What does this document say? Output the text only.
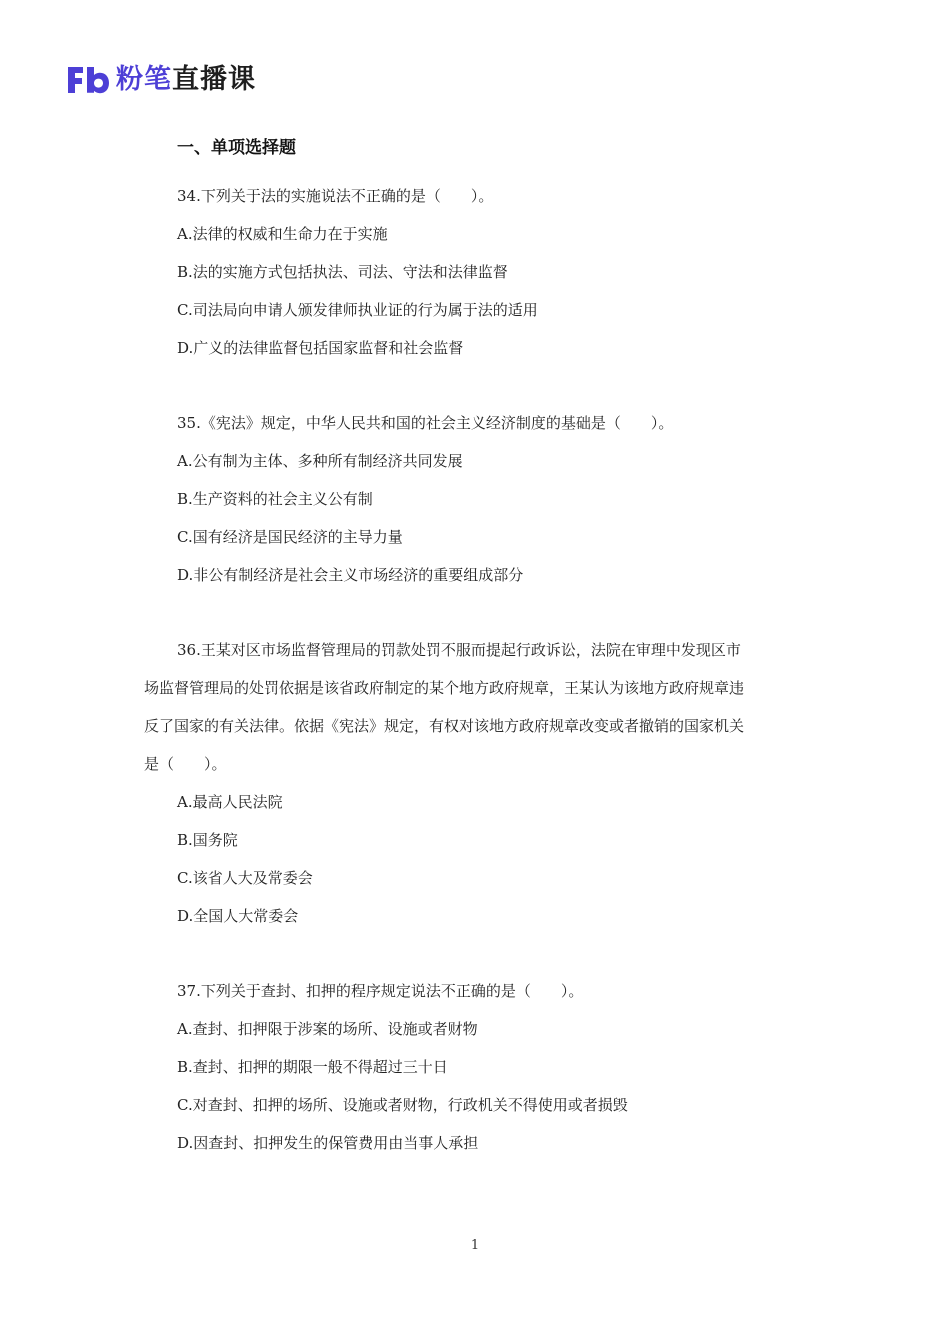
粉笔直播课
一、单项选择题
34.下列关于法的实施说法不正确的是（　　）。
A.法律的权威和生命力在于实施
B.法的实施方式包括执法、司法、守法和法律监督
C.司法局向申请人颁发律师执业证的行为属于法的适用
D.广义的法律监督包括国家监督和社会监督
35.《宪法》规定，中华人民共和国的社会主义经济制度的基础是（　　）。
A.公有制为主体、多种所有制经济共同发展
B.生产资料的社会主义公有制
C.国有经济是国民经济的主导力量
D.非公有制经济是社会主义市场经济的重要组成部分
36.王某对区市场监督管理局的罚款处罚不服而提起行政诉讼，法院在审理中发现区市
场监督管理局的处罚依据是该省政府制定的某个地方政府规章，王某认为该地方政府规章违
反了国家的有关法律。依据《宪法》规定，有权对该地方政府规章改变或者撤销的国家机关
是（　　）。
A.最高人民法院
B.国务院
C.该省人大及常委会
D.全国人大常委会
37.下列关于查封、扣押的程序规定说法不正确的是（　　）。
A.查封、扣押限于涉案的场所、设施或者财物
B.查封、扣押的期限一般不得超过三十日
C.对查封、扣押的场所、设施或者财物，行政机关不得使用或者损毁
D.因查封、扣押发生的保管费用由当事人承担
1
